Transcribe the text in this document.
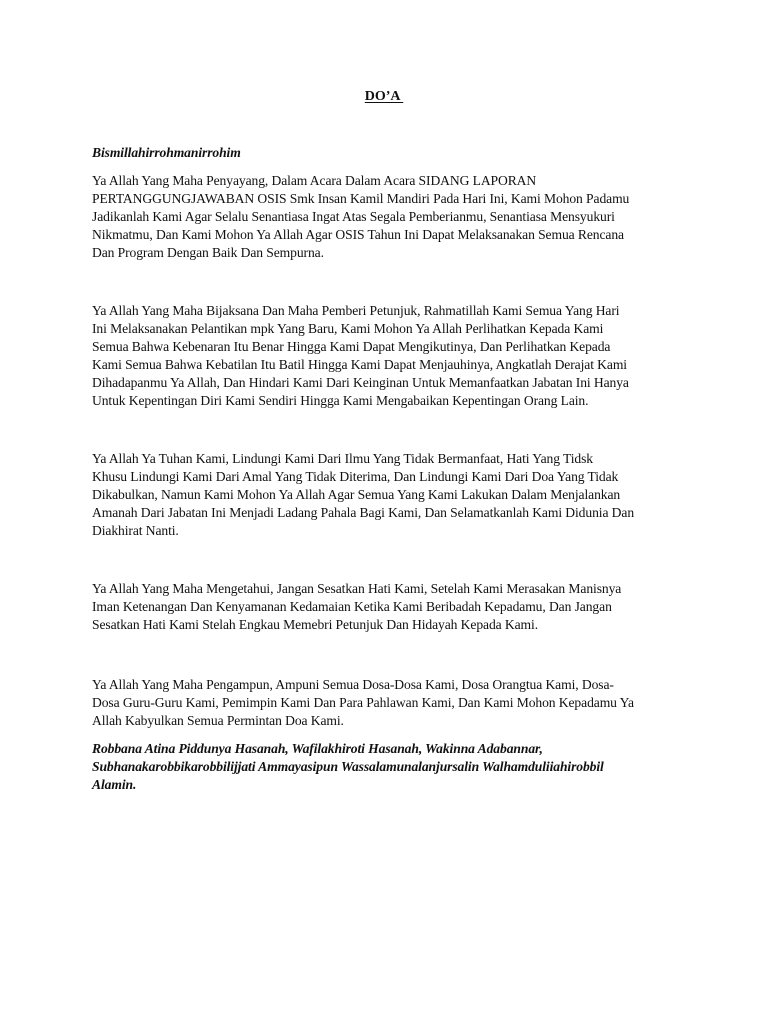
DO’A

Bismillahirrohmanirrohim

Ya Allah Yang Maha Penyayang, Dalam Acara Dalam Acara SIDANG LAPORAN
PERTANGGUNGJAWABAN OSIS Smk Insan Kamil Mandiri Pada Hari Ini, Kami Mohon Padamu
Jadikanlah Kami Agar Selalu Senantiasa Ingat Atas Segala Pemberianmu, Senantiasa Mensyukuri
Nikmatmu, Dan Kami Mohon Ya Allah Agar OSIS Tahun Ini Dapat Melaksanakan Semua Rencana
Dan Program Dengan Baik Dan Sempurna.

Ya Allah Yang Maha Bijaksana Dan Maha Pemberi Petunjuk, Rahmatillah Kami Semua Yang Hari
Ini Melaksanakan Pelantikan mpk Yang Baru, Kami Mohon Ya Allah Perlihatkan Kepada Kami
Semua Bahwa Kebenaran Itu Benar Hingga Kami Dapat Mengikutinya, Dan Perlihatkan Kepada
Kami Semua Bahwa Kebatilan Itu Batil Hingga Kami Dapat Menjauhinya, Angkatlah Derajat Kami
Dihadapanmu Ya Allah, Dan Hindari Kami Dari Keinginan Untuk Memanfaatkan Jabatan Ini Hanya
Untuk Kepentingan Diri Kami Sendiri Hingga Kami Mengabaikan Kepentingan Orang Lain.

Ya Allah Ya Tuhan Kami, Lindungi Kami Dari Ilmu Yang Tidak Bermanfaat, Hati Yang Tidsk
Khusu Lindungi Kami Dari Amal Yang Tidak Diterima, Dan Lindungi Kami Dari Doa Yang Tidak
Dikabulkan, Namun Kami Mohon Ya Allah Agar Semua Yang Kami Lakukan Dalam Menjalankan
Amanah Dari Jabatan Ini Menjadi Ladang Pahala Bagi Kami, Dan Selamatkanlah Kami Didunia Dan
Diakhirat Nanti.

Ya Allah Yang Maha Mengetahui, Jangan Sesatkan Hati Kami, Setelah Kami Merasakan Manisnya
Iman Ketenangan Dan Kenyamanan Kedamaian Ketika Kami Beribadah Kepadamu, Dan Jangan
Sesatkan Hati Kami Stelah Engkau Memebri Petunjuk Dan Hidayah Kepada Kami.

Ya Allah Yang Maha Pengampun, Ampuni Semua Dosa-Dosa Kami, Dosa Orangtua Kami, Dosa-
Dosa Guru-Guru Kami, Pemimpin Kami Dan Para Pahlawan Kami, Dan Kami Mohon Kepadamu Ya
Allah Kabyulkan Semua Permintan Doa Kami.

Robbana Atina Piddunya Hasanah, Wafilakhiroti Hasanah, Wakinna Adabannar,
Subhanakarobbikarobbilijjati Ammayasipun Wassalamunalanjursalin Walhamduliiahirobbil
Alamin.
